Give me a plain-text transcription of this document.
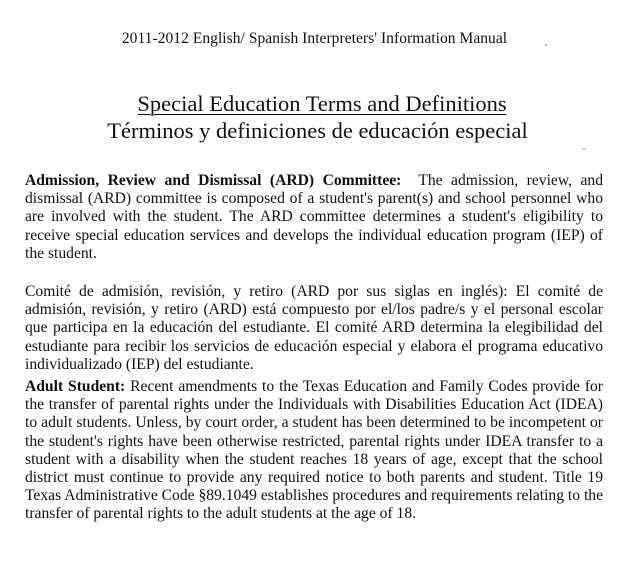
2011-2012 English/ Spanish Interpreters' Information Manual
Special Education Terms and Definitions
Términos y definiciones de educación especial

Admission, Review and Dismissal (ARD) Committee: The admission, review, and dismissal (ARD) committee is composed of a student's parent(s) and school personnel who are involved with the student. The ARD committee determines a student's eligibility to receive special education services and develops the individual education program (IEP) of the student.

Comité de admisión, revisión, y retiro (ARD por sus siglas en inglés): El comité de admisión, revisión, y retiro (ARD) está compuesto por el/los padre/s y el personal escolar que participa en la educación del estudiante. El comité ARD determina la elegibilidad del estudiante para recibir los servicios de educación especial y elabora el programa educativo individualizado (IEP) del estudiante.

Adult Student: Recent amendments to the Texas Education and Family Codes provide for the transfer of parental rights under the Individuals with Disabilities Education Act (IDEA) to adult students. Unless, by court order, a student has been determined to be incompetent or the student's rights have been otherwise restricted, parental rights under IDEA transfer to a student with a disability when the student reaches 18 years of age, except that the school district must continue to provide any required notice to both parents and student. Title 19 Texas Administrative Code §89.1049 establishes procedures and requirements relating to the transfer of parental rights to the adult students at the age of 18.
